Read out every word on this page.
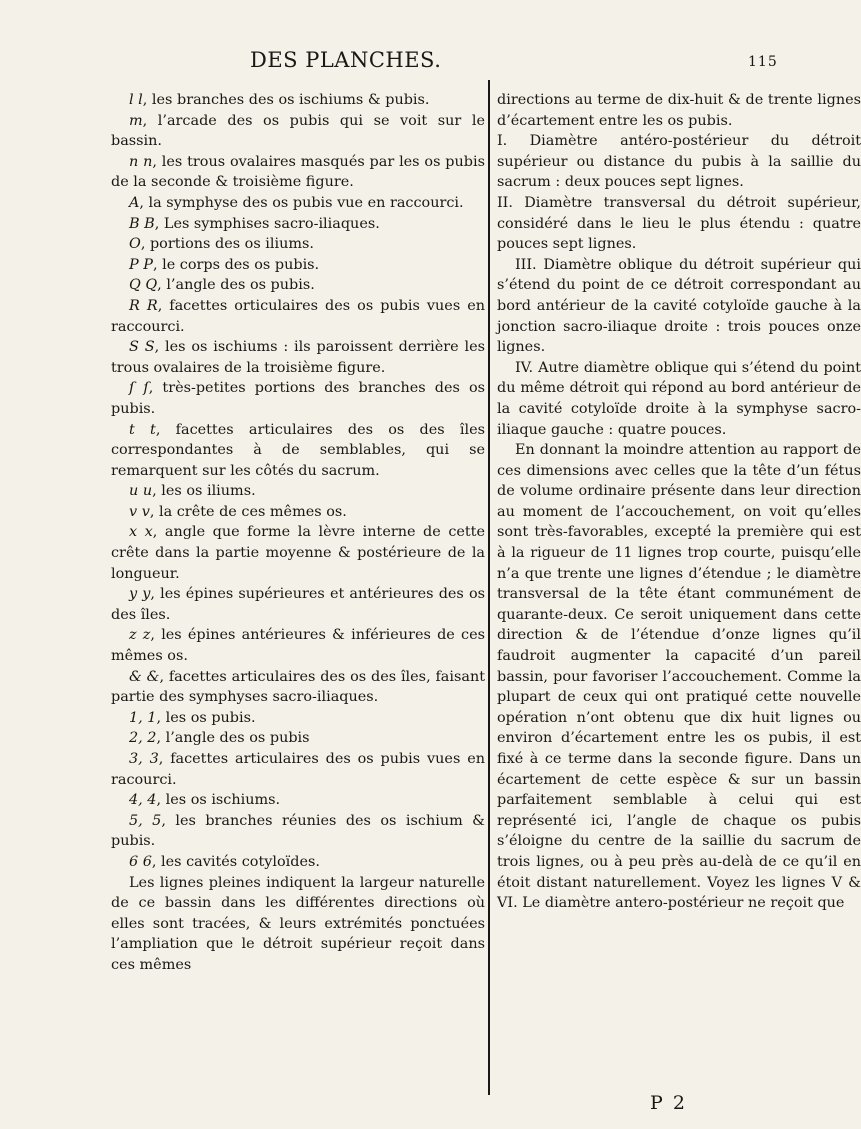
DES PLANCHES.	115

l l, les branches des os ischiums & pubis.

m, l’arcade des os pubis qui se voit sur le bassin.

n n, les trous ovalaires masqués par les os pubis de la seconde & troisième figure.

A, la symphyse des os pubis vue en raccourci.

B B, Les symphises sacro-iliaques.

O, portions des os iliums.

P P, le corps des os pubis.

Q Q, l’angle des os pubis.

R R, facettes orticulaires des os pubis vues en raccourci.

S S, les os ischiums : ils paroissent derrière les trous ovalaires de la troisième figure.

ſ ſ, très-petites portions des branches des os pubis.

t t, facettes articulaires des os des îles correspondantes à de semblables, qui se remarquent sur les côtés du sacrum.

u u, les os iliums.

v v, la crête de ces mêmes os.

x x, angle que forme la lèvre interne de cette crête dans la partie moyenne & postérieure de la longueur.

y y, les épines supérieures et antérieures des os des îles.

z z, les épines antérieures & inférieures de ces mêmes os.

& &, facettes articulaires des os des îles, faisant partie des symphyses sacro-iliaques.

1, 1, les os pubis.

2, 2, l’angle des os pubis

3, 3, facettes articulaires des os pubis vues en racourci.

4, 4, les os ischiums.

5, 5, les branches réunies des os ischium & pubis.

6 6, les cavités cotyloïdes.

Les lignes pleines indiquent la largeur naturelle de ce bassin dans les différentes directions où elles sont tracées, & leurs extrémités ponctuées l’ampliation que le détroit supérieur reçoit dans ces mêmes

directions au terme de dix-huit & de trente lignes d’écartement entre les os pubis.

I. Diamètre antéro-postérieur du détroit supérieur ou distance du pubis à la saillie du sacrum : deux pouces sept lignes.

II. Diamètre transversal du détroit supérieur, considéré dans le lieu le plus étendu : quatre pouces sept lignes.

III. Diamètre oblique du détroit supérieur qui s’étend du point de ce détroit correspondant au bord antérieur de la cavité cotyloïde gauche à la jonction sacro-iliaque droite : trois pouces onze lignes.

IV. Autre diamètre oblique qui s’étend du point du même détroit qui répond au bord antérieur de la cavité cotyloïde droite à la symphyse sacro-iliaque gauche : quatre pouces.

En donnant la moindre attention au rapport de ces dimensions avec celles que la tête d’un fétus de volume ordinaire présente dans leur direction au moment de l’accouchement, on voit qu’elles sont très-favorables, excepté la première qui est à la rigueur de 11 lignes trop courte, puisqu’elle n’a que trente une lignes d’étendue ; le diamètre transversal de la tête étant communément de quarante-deux. Ce seroit uniquement dans cette direction & de l’étendue d’onze lignes qu’il faudroit augmenter la capacité d’un pareil bassin, pour favoriser l’accouchement. Comme la plupart de ceux qui ont pratiqué cette nouvelle opération n’ont obtenu que dix huit lignes ou environ d’écartement entre les os pubis, il est fixé à ce terme dans la seconde figure. Dans un écartement de cette espèce & sur un bassin parfaitement semblable à celui qui est représenté ici, l’angle de chaque os pubis s’éloigne du centre de la saillie du sacrum de trois lignes, ou à peu près au-delà de ce qu’il en étoit distant naturellement. Voyez les lignes V & VI. Le diamètre antero-postérieur ne reçoit que

P 2
